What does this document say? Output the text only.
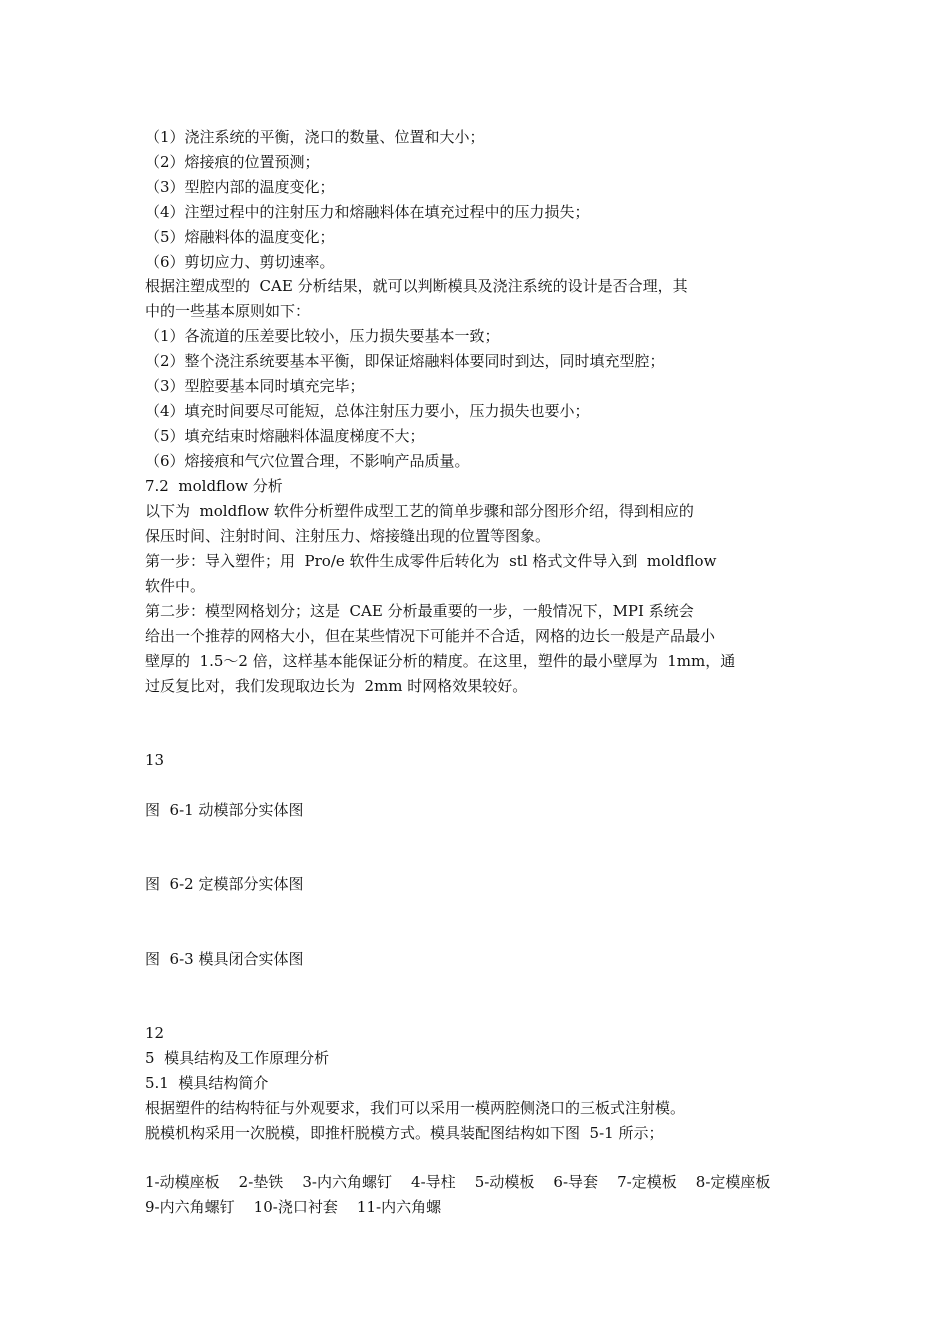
（1）浇注系统的平衡，浇口的数量、位置和大小；
（2）熔接痕的位置预测；
（3）型腔内部的温度变化；
（4）注塑过程中的注射压力和熔融料体在填充过程中的压力损失；
（5）熔融料体的温度变化；
（6）剪切应力、剪切速率。
根据注塑成型的  CAE 分析结果，就可以判断模具及浇注系统的设计是否合理，其
中的一些基本原则如下：
（1）各流道的压差要比较小，压力损失要基本一致；
（2）整个浇注系统要基本平衡，即保证熔融料体要同时到达，同时填充型腔；
（3）型腔要基本同时填充完毕；
（4）填充时间要尽可能短，总体注射压力要小，压力损失也要小；
（5）填充结束时熔融料体温度梯度不大；
（6）熔接痕和气穴位置合理，不影响产品质量。
7.2  moldflow 分析
以下为  moldflow 软件分析塑件成型工艺的简单步骤和部分图形介绍，得到相应的
保压时间、注射时间、注射压力、熔接缝出现的位置等图象。
第一步：导入塑件；用  Pro/e 软件生成零件后转化为  stl 格式文件导入到  moldflow
软件中。
第二步：模型网格划分；这是  CAE 分析最重要的一步，一般情况下，MPI 系统会
给出一个推荐的网格大小，但在某些情况下可能并不合适，网格的边长一般是产品最小
壁厚的  1.5～2 倍，这样基本能保证分析的精度。在这里，塑件的最小壁厚为  1mm，通
过反复比对，我们发现取边长为  2mm 时网格效果较好。
13
图  6-1 动模部分实体图
图  6-2 定模部分实体图
图  6-3 模具闭合实体图
12
5  模具结构及工作原理分析
5.1  模具结构简介
根据塑件的结构特征与外观要求，我们可以采用一模两腔侧浇口的三板式注射模。
脱模机构采用一次脱模，即推杆脱模方式。模具装配图结构如下图  5-1 所示；
1-动模座板    2-垫铁    3-内六角螺钉    4-导柱    5-动模板    6-导套    7-定模板    8-定模座板
9-内六角螺钉    10-浇口衬套    11-内六角螺
